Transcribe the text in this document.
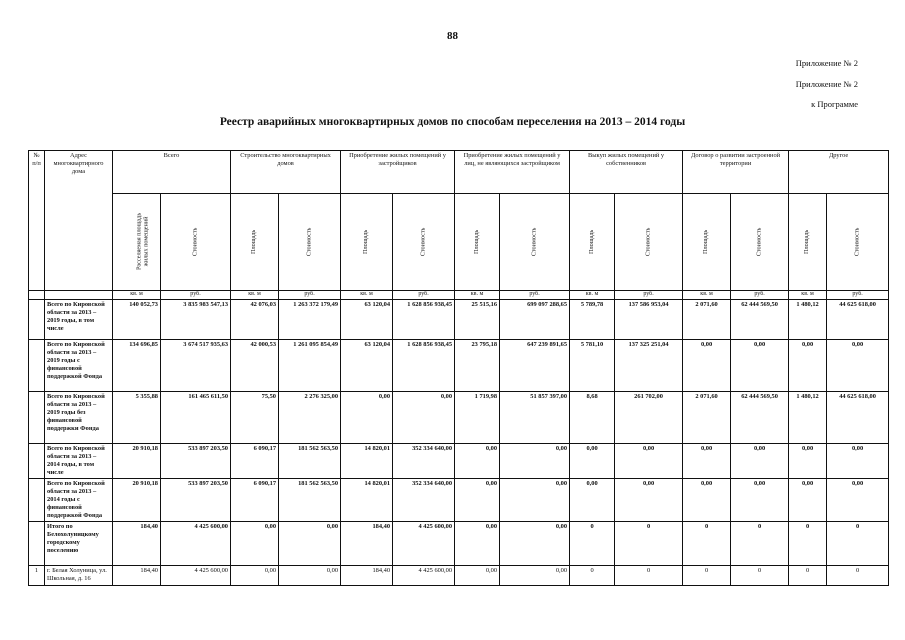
88
Приложение № 2
Приложение № 2
к Программе
Реестр аварийных многоквартирных домов по способам переселения на 2013 – 2014 годы
№ п/п	Адрес многоквартирного дома	Всего		Строительство многоквартирных домов		Приобретение жилых помещений у застройщиков		Приобретение жилых помещений у лиц, не являющихся застройщиком		Выкуп жилых помещений у собственников		Договор о развитии застроенной территории		Другое	
		Расселяемая площадь жилых помещений	Стоимость	Площадь	Стоимость	Площадь	Стоимость	Площадь	Стоимость	Площадь	Стоимость	Площадь	Стоимость	Площадь	Стоимость
		кв. м	руб.	кв. м	руб.	кв. м	руб.	кв. м	руб.	кв. м	руб.	кв. м	руб.	кв. м	руб.
	Всего по Кировской области за 2013 – 2019 годы, в том числе	140 052,73	3 835 983 547,13	42 076,03	1 263 372 179,49	63 120,04	1 628 856 938,45	25 515,16	699 097 288,65	5 789,78	137 586 953,04	2 071,60	62 444 569,50	1 480,12	44 625 618,00
	Всего по Кировской области за 2013 – 2019 годы с финансовой поддержкой Фонда	134 696,85	3 674 517 935,63	42 000,53	1 261 095 854,49	63 120,04	1 628 856 938,45	23 795,18	647 239 891,65	5 781,10	137 325 251,04	0,00	0,00	0,00	0,00
	Всего по Кировской области за 2013 – 2019 годы без финансовой поддержки Фонда	5 355,88	161 465 611,50	75,50	2 276 325,00	0,00	0,00	1 719,98	51 857 397,00	8,68	261 702,00	2 071,60	62 444 569,50	1 480,12	44 625 618,00
	Всего по Кировской области за 2013 – 2014 годы, в том числе	20 910,18	533 897 203,50	6 090,17	181 562 563,50	14 820,01	352 334 640,00	0,00	0,00	0,00	0,00	0,00	0,00	0,00	0,00
	Всего по Кировской области за 2013 – 2014 годы с финансовой поддержкой Фонда	20 910,18	533 897 203,50	6 090,17	181 562 563,50	14 820,01	352 334 640,00	0,00	0,00	0,00	0,00	0,00	0,00	0,00	0,00
	Итого по Белохолуницкому городскому поселению	184,40	4 425 600,00	0,00	0,00	184,40	4 425 600,00	0,00	0,00	0	0	0	0	0	0
1	г. Белая Холуница, ул. Школьная, д. 16	184,40	4 425 600,00	0,00	0,00	184,40	4 425 600,00	0,00	0,00	0	0	0	0	0	0
